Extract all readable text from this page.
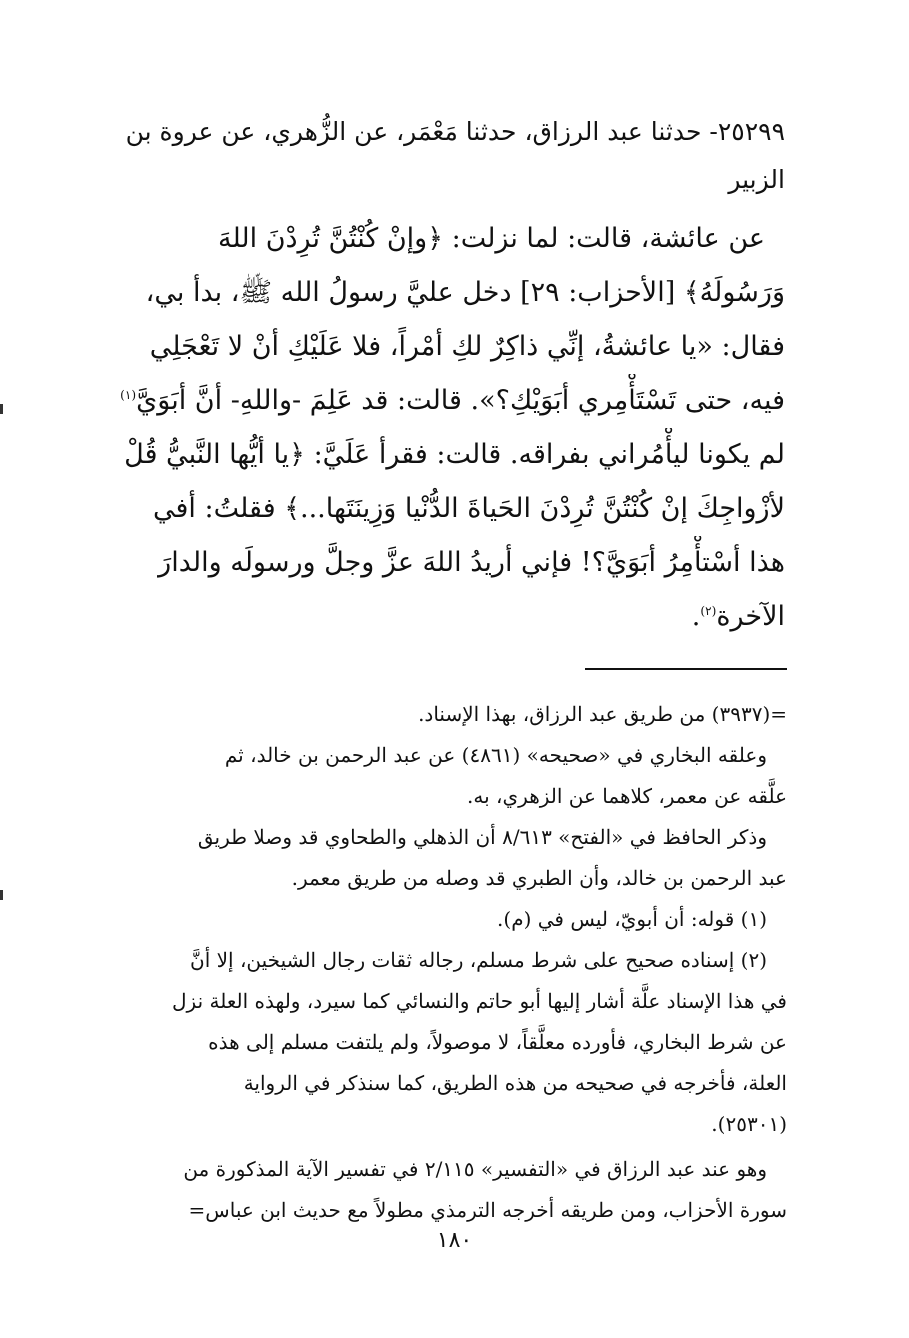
٢٥٢٩٩- حدثنا عبد الرزاق، حدثنا مَعْمَر، عن الزُّهري، عن عروة بن
الزبير
عن عائشة، قالت: لما نزلت: ﴿وإنْ كُنْتُنَّ تُرِدْنَ اللهَ
وَرَسُولَهُ﴾ [الأحزاب: ٢٩] دخل عليَّ رسولُ الله ﷺ، بدأ بي،
فقال: «يا عائشةُ، إنِّي ذاكِرٌ لكِ أمْراً، فلا عَلَيْكِ أنْ لا تَعْجَلِي
فيه، حتى تَسْتَأْمِري أبَوَيْكِ؟». قالت: قد عَلِمَ -واللهِ- أنَّ أبَوَيَّ$^{(١)}$
لم يكونا ليأْمُراني بفراقه. قالت: فقرأ عَلَيَّ: ﴿يا أيُّها النَّبيُّ قُلْ
لأزْواجِكَ إنْ كُنْتُنَّ تُرِدْنَ الحَياةَ الدُّنْيا وَزِينَتَها...﴾ فقلتُ: أفي
هذا أسْتأْمِرُ أبَوَيَّ؟! فإني أريدُ اللهَ عزَّ وجلَّ ورسولَه والدارَ
الآخرة$^{(٢)}$.
=(٣٩٣٧) من طريق عبد الرزاق، بهذا الإسناد.
وعلقه البخاري في «صحيحه» (٤٨٦١) عن عبد الرحمن بن خالد، ثم
علَّقه عن معمر، كلاهما عن الزهري، به.
وذكر الحافظ في «الفتح» ٨/٦١٣ أن الذهلي والطحاوي قد وصلا طريق
عبد الرحمن بن خالد، وأن الطبري قد وصله من طريق معمر.
(١) قوله: أن أبويّ، ليس في (م).
(٢) إسناده صحيح على شرط مسلم، رجاله ثقات رجال الشيخين، إلا أنَّ
في هذا الإسناد علَّة أشار إليها أبو حاتم والنسائي كما سيرد، ولهذه العلة نزل
عن شرط البخاري، فأورده معلَّقاً، لا موصولاً، ولم يلتفت مسلم إلى هذه
العلة، فأخرجه في صحيحه من هذه الطريق، كما سنذكر في الرواية
(٢٥٣٠١).
وهو عند عبد الرزاق في «التفسير» ٢/١١٥ في تفسير الآية المذكورة من
سورة الأحزاب، ومن طريقه أخرجه الترمذي مطولاً مع حديث ابن عباس=
١٨٠
